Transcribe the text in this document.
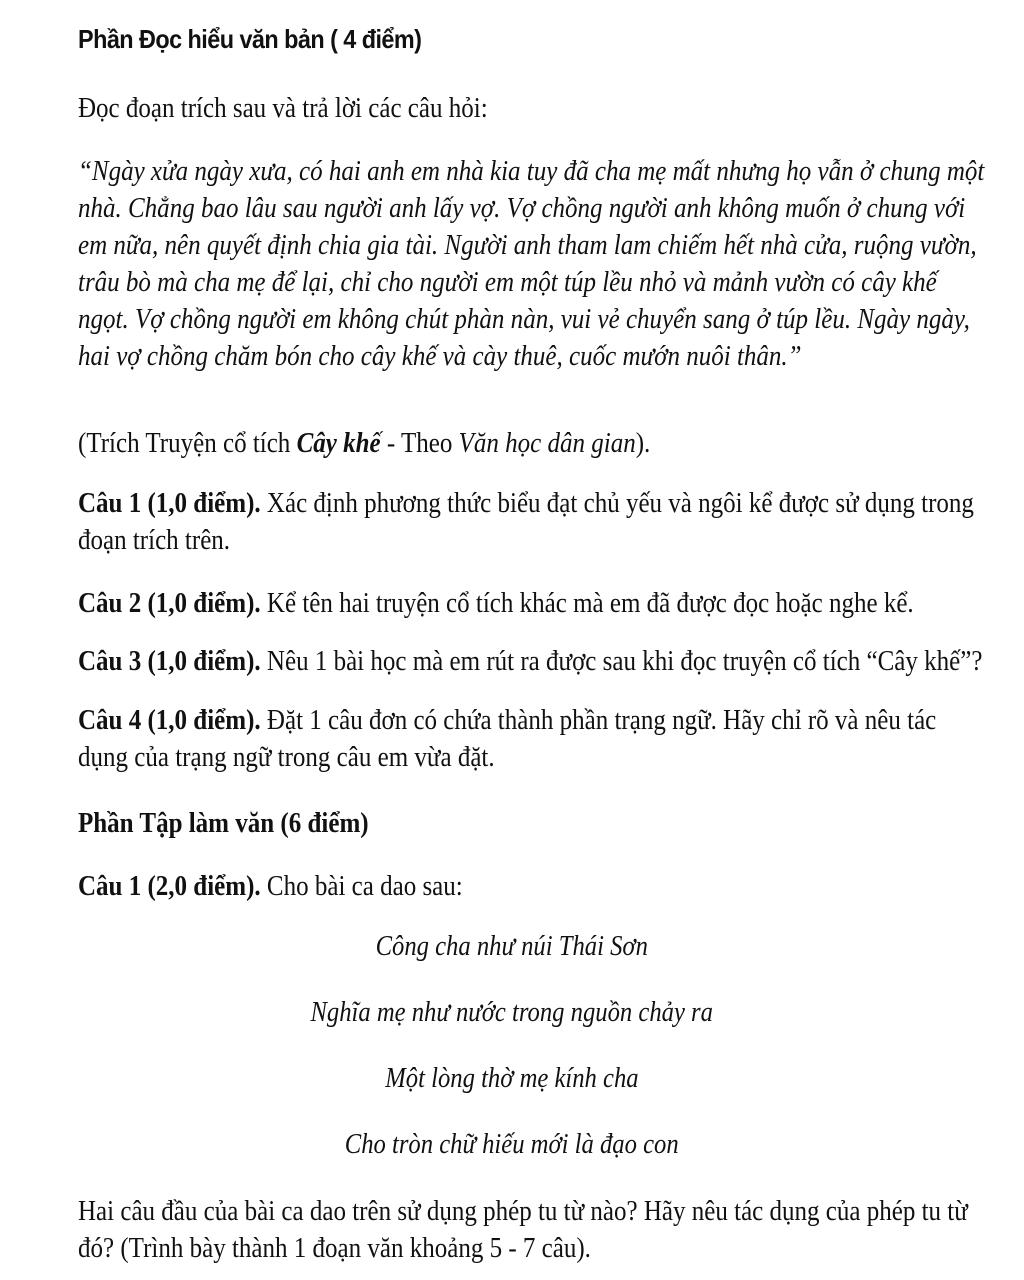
Phần Đọc hiểu văn bản ( 4 điểm)
Đọc đoạn trích sau và trả lời các câu hỏi:
“Ngày xửa ngày xưa, có hai anh em nhà kia tuy đã cha mẹ mất nhưng họ vẫn ở chung một
nhà. Chẳng bao lâu sau người anh lấy vợ. Vợ chồng người anh không muốn ở chung với
em nữa, nên quyết định chia gia tài. Người anh tham lam chiếm hết nhà cửa, ruộng vườn,
trâu bò mà cha mẹ để lại, chỉ cho người em một túp lều nhỏ và mảnh vườn có cây khế
ngọt. Vợ chồng người em không chút phàn nàn, vui vẻ chuyển sang ở túp lều. Ngày ngày,
hai vợ chồng chăm bón cho cây khế và cày thuê, cuốc mướn nuôi thân.”
(Trích Truyện cổ tích Cây khế - Theo Văn học dân gian).
Câu 1 (1,0 điểm). Xác định phương thức biểu đạt chủ yếu và ngôi kể được sử dụng trong
đoạn trích trên.
Câu 2 (1,0 điểm). Kể tên hai truyện cổ tích khác mà em đã được đọc hoặc nghe kể.
Câu 3 (1,0 điểm). Nêu 1 bài học mà em rút ra được sau khi đọc truyện cổ tích “Cây khế”?
Câu 4 (1,0 điểm). Đặt 1 câu đơn có chứa thành phần trạng ngữ. Hãy chỉ rõ và nêu tác
dụng của trạng ngữ trong câu em vừa đặt.
Phần Tập làm văn (6 điểm)
Câu 1 (2,0 điểm). Cho bài ca dao sau:
Công cha như núi Thái Sơn
Nghĩa mẹ như nước trong nguồn chảy ra
Một lòng thờ mẹ kính cha
Cho tròn chữ hiếu mới là đạo con
Hai câu đầu của bài ca dao trên sử dụng phép tu từ nào? Hãy nêu tác dụng của phép tu từ
đó? (Trình bày thành 1 đoạn văn khoảng 5 - 7 câu).
